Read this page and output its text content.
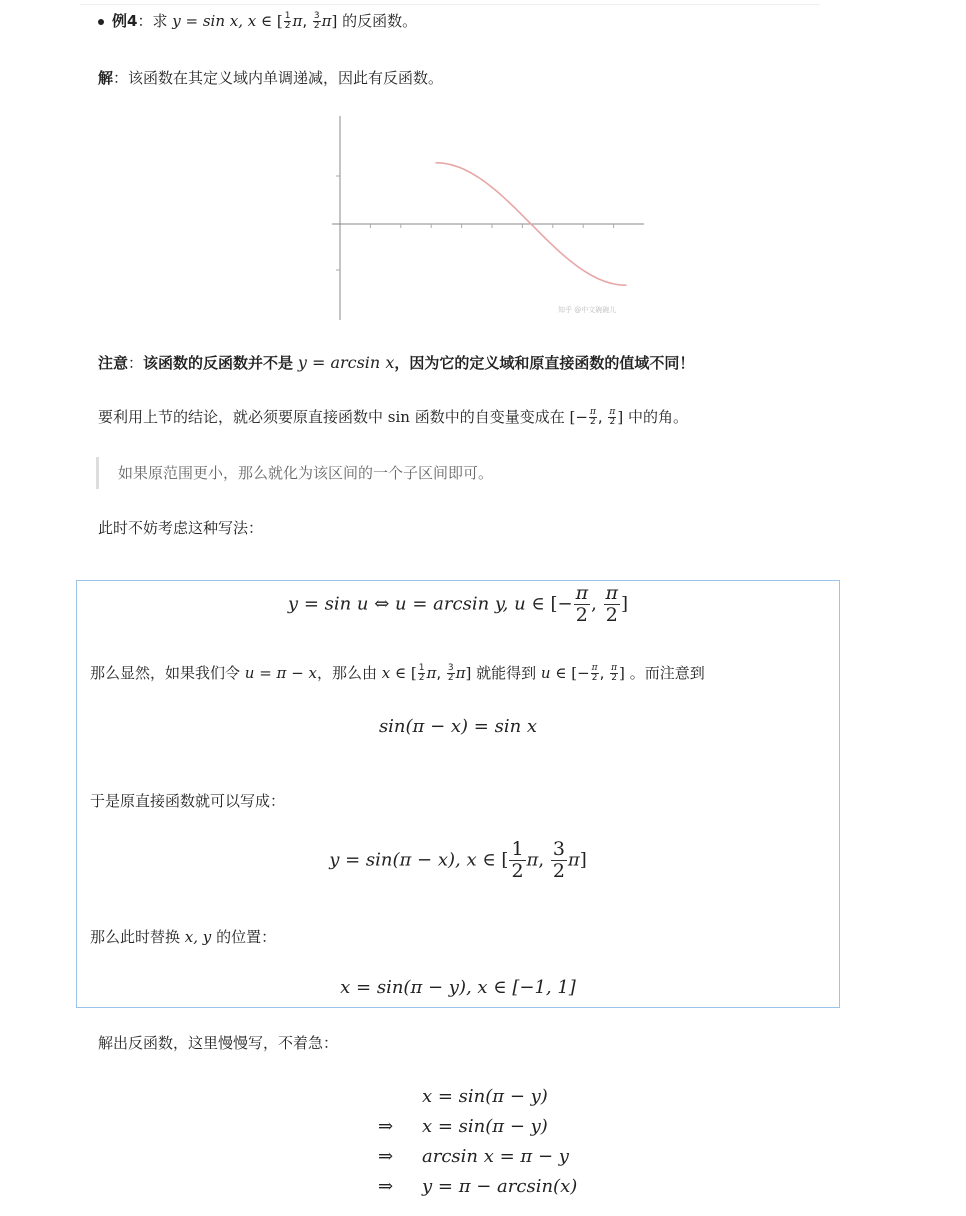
例4：求 y = sin x, x ∈ [ $\frac{1}{2} \pi$, $\frac{3}{2} \pi$] 的反函数。
解：该函数在其定义域内单调递减，因此有反函数。
知乎 @中文碗碗儿
注意：该函数的反函数并不是 y = arcsin x，因为它的定义域和原直接函数的值域不同！
要利用上节的结论，就必须要原直接函数中 sin 函数中的自变量变成在 [− $\frac{\pi}{2}$ , $\frac{\pi}{2}$ ] 中的角。
如果原范围更小，那么就化为该区间的一个子区间即可。
此时不妨考虑这种写法：
y = sin u ⇔ u = arcsin y, u ∈ [− $\frac{\pi}{2}$ , $\frac{\pi}{2}$ ]
那么显然，如果我们令 u = π − x，那么由 x ∈ [ $\frac{1}{2} \pi$, $\frac{3}{2} \pi$] 就能得到 u ∈ [− $\frac{\pi}{2}$ , $\frac{\pi}{2}$ ] 。而注意到
sin(π − x) = sin x
于是原直接函数就可以写成：
y = sin(π − x), x ∈ [ $\frac{1}{2} \pi$, $\frac{3}{2} \pi$]
那么此时替换 x, y 的位置：
x = sin(π − y), x ∈ [−1, 1]
解出反函数，这里慢慢写，不着急：
x = sin(π − y)
⇒ x = sin(π − y)
⇒ arcsin x = π − y
⇒ y = π − arcsin(x)
